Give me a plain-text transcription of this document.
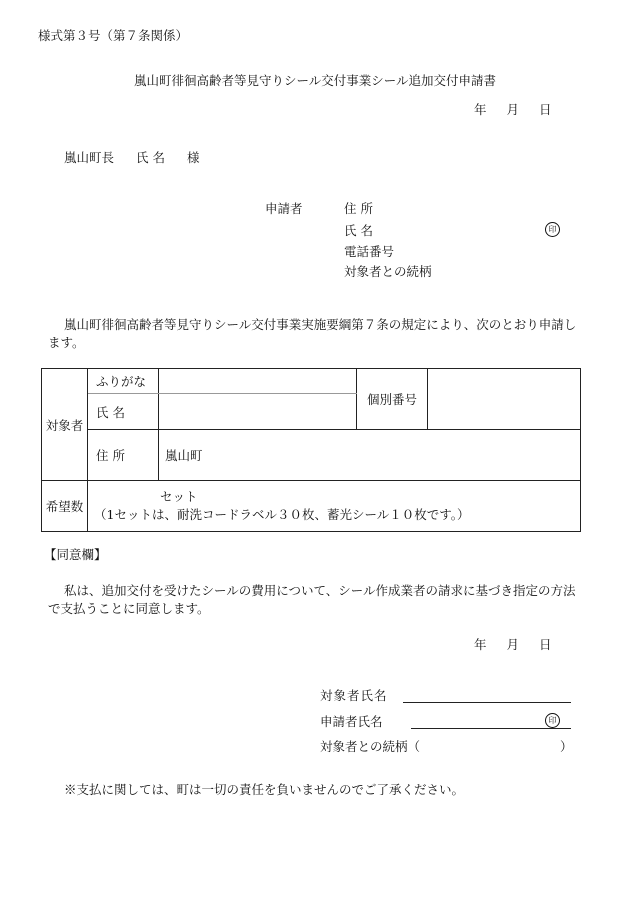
様式第３号（第７条関係）
嵐山町徘徊高齢者等見守りシール交付事業シール追加交付申請書
年 月 日
嵐山町長 氏 名 様
申請者	住 所
氏 名	印
電話番号
対象者との続柄
嵐山町徘徊高齢者等見守りシール交付事業実施要綱第７条の規定により、次のとおり申請します。
対象者	ふりがな		個別番号	
	氏 名			
	住 所	嵐山町		
希望数	セット
（1セットは、耐洗コードラベル３０枚、蓄光シール１０枚です。）			
【同意欄】
私は、追加交付を受けたシールの費用について、シール作成業者の請求に基づき指定の方法で支払うことに同意します。
年 月 日
対象者氏名
申請者氏名	印
対象者との続柄（	）
※支払に関しては、町は一切の責任を負いませんのでご了承ください。
